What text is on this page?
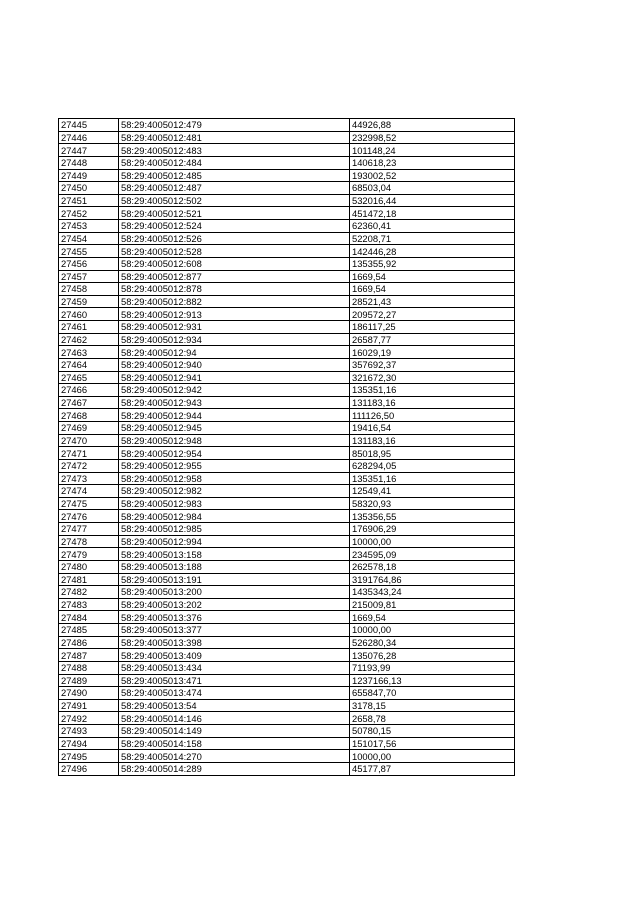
27445	58:29:4005012:479	44926,88
27446	58:29:4005012:481	232998,52
27447	58:29:4005012:483	101148,24
27448	58:29:4005012:484	140618,23
27449	58:29:4005012:485	193002,52
27450	58:29:4005012:487	68503,04
27451	58:29:4005012:502	532016,44
27452	58:29:4005012:521	451472,18
27453	58:29:4005012:524	62360,41
27454	58:29:4005012:526	52208,71
27455	58:29:4005012:528	142446,28
27456	58:29:4005012:608	135355,92
27457	58:29:4005012:877	1669,54
27458	58:29:4005012:878	1669,54
27459	58:29:4005012:882	28521,43
27460	58:29:4005012:913	209572,27
27461	58:29:4005012:931	186117,25
27462	58:29:4005012:934	26587,77
27463	58:29:4005012:94	16029,19
27464	58:29:4005012:940	357692,37
27465	58:29:4005012:941	321672,30
27466	58:29:4005012:942	135351,16
27467	58:29:4005012:943	131183,16
27468	58:29:4005012:944	111126,50
27469	58:29:4005012:945	19416,54
27470	58:29:4005012:948	131183,16
27471	58:29:4005012:954	85018,95
27472	58:29:4005012:955	628294,05
27473	58:29:4005012:958	135351,16
27474	58:29:4005012:982	12549,41
27475	58:29:4005012:983	58320,93
27476	58:29:4005012:984	135356,55
27477	58:29:4005012:985	176906,29
27478	58:29:4005012:994	10000,00
27479	58:29:4005013:158	234595,09
27480	58:29:4005013:188	262578,18
27481	58:29:4005013:191	3191764,86
27482	58:29:4005013:200	1435343,24
27483	58:29:4005013:202	215009,81
27484	58:29:4005013:376	1669,54
27485	58:29:4005013:377	10000,00
27486	58:29:4005013:398	526280,34
27487	58:29:4005013:409	135076,28
27488	58:29:4005013:434	71193,99
27489	58:29:4005013:471	1237166,13
27490	58:29:4005013:474	655847,70
27491	58:29:4005013:54	3178,15
27492	58:29:4005014:146	2658,78
27493	58:29:4005014:149	50780,15
27494	58:29:4005014:158	151017,56
27495	58:29:4005014:270	10000,00
27496	58:29:4005014:289	45177,87
